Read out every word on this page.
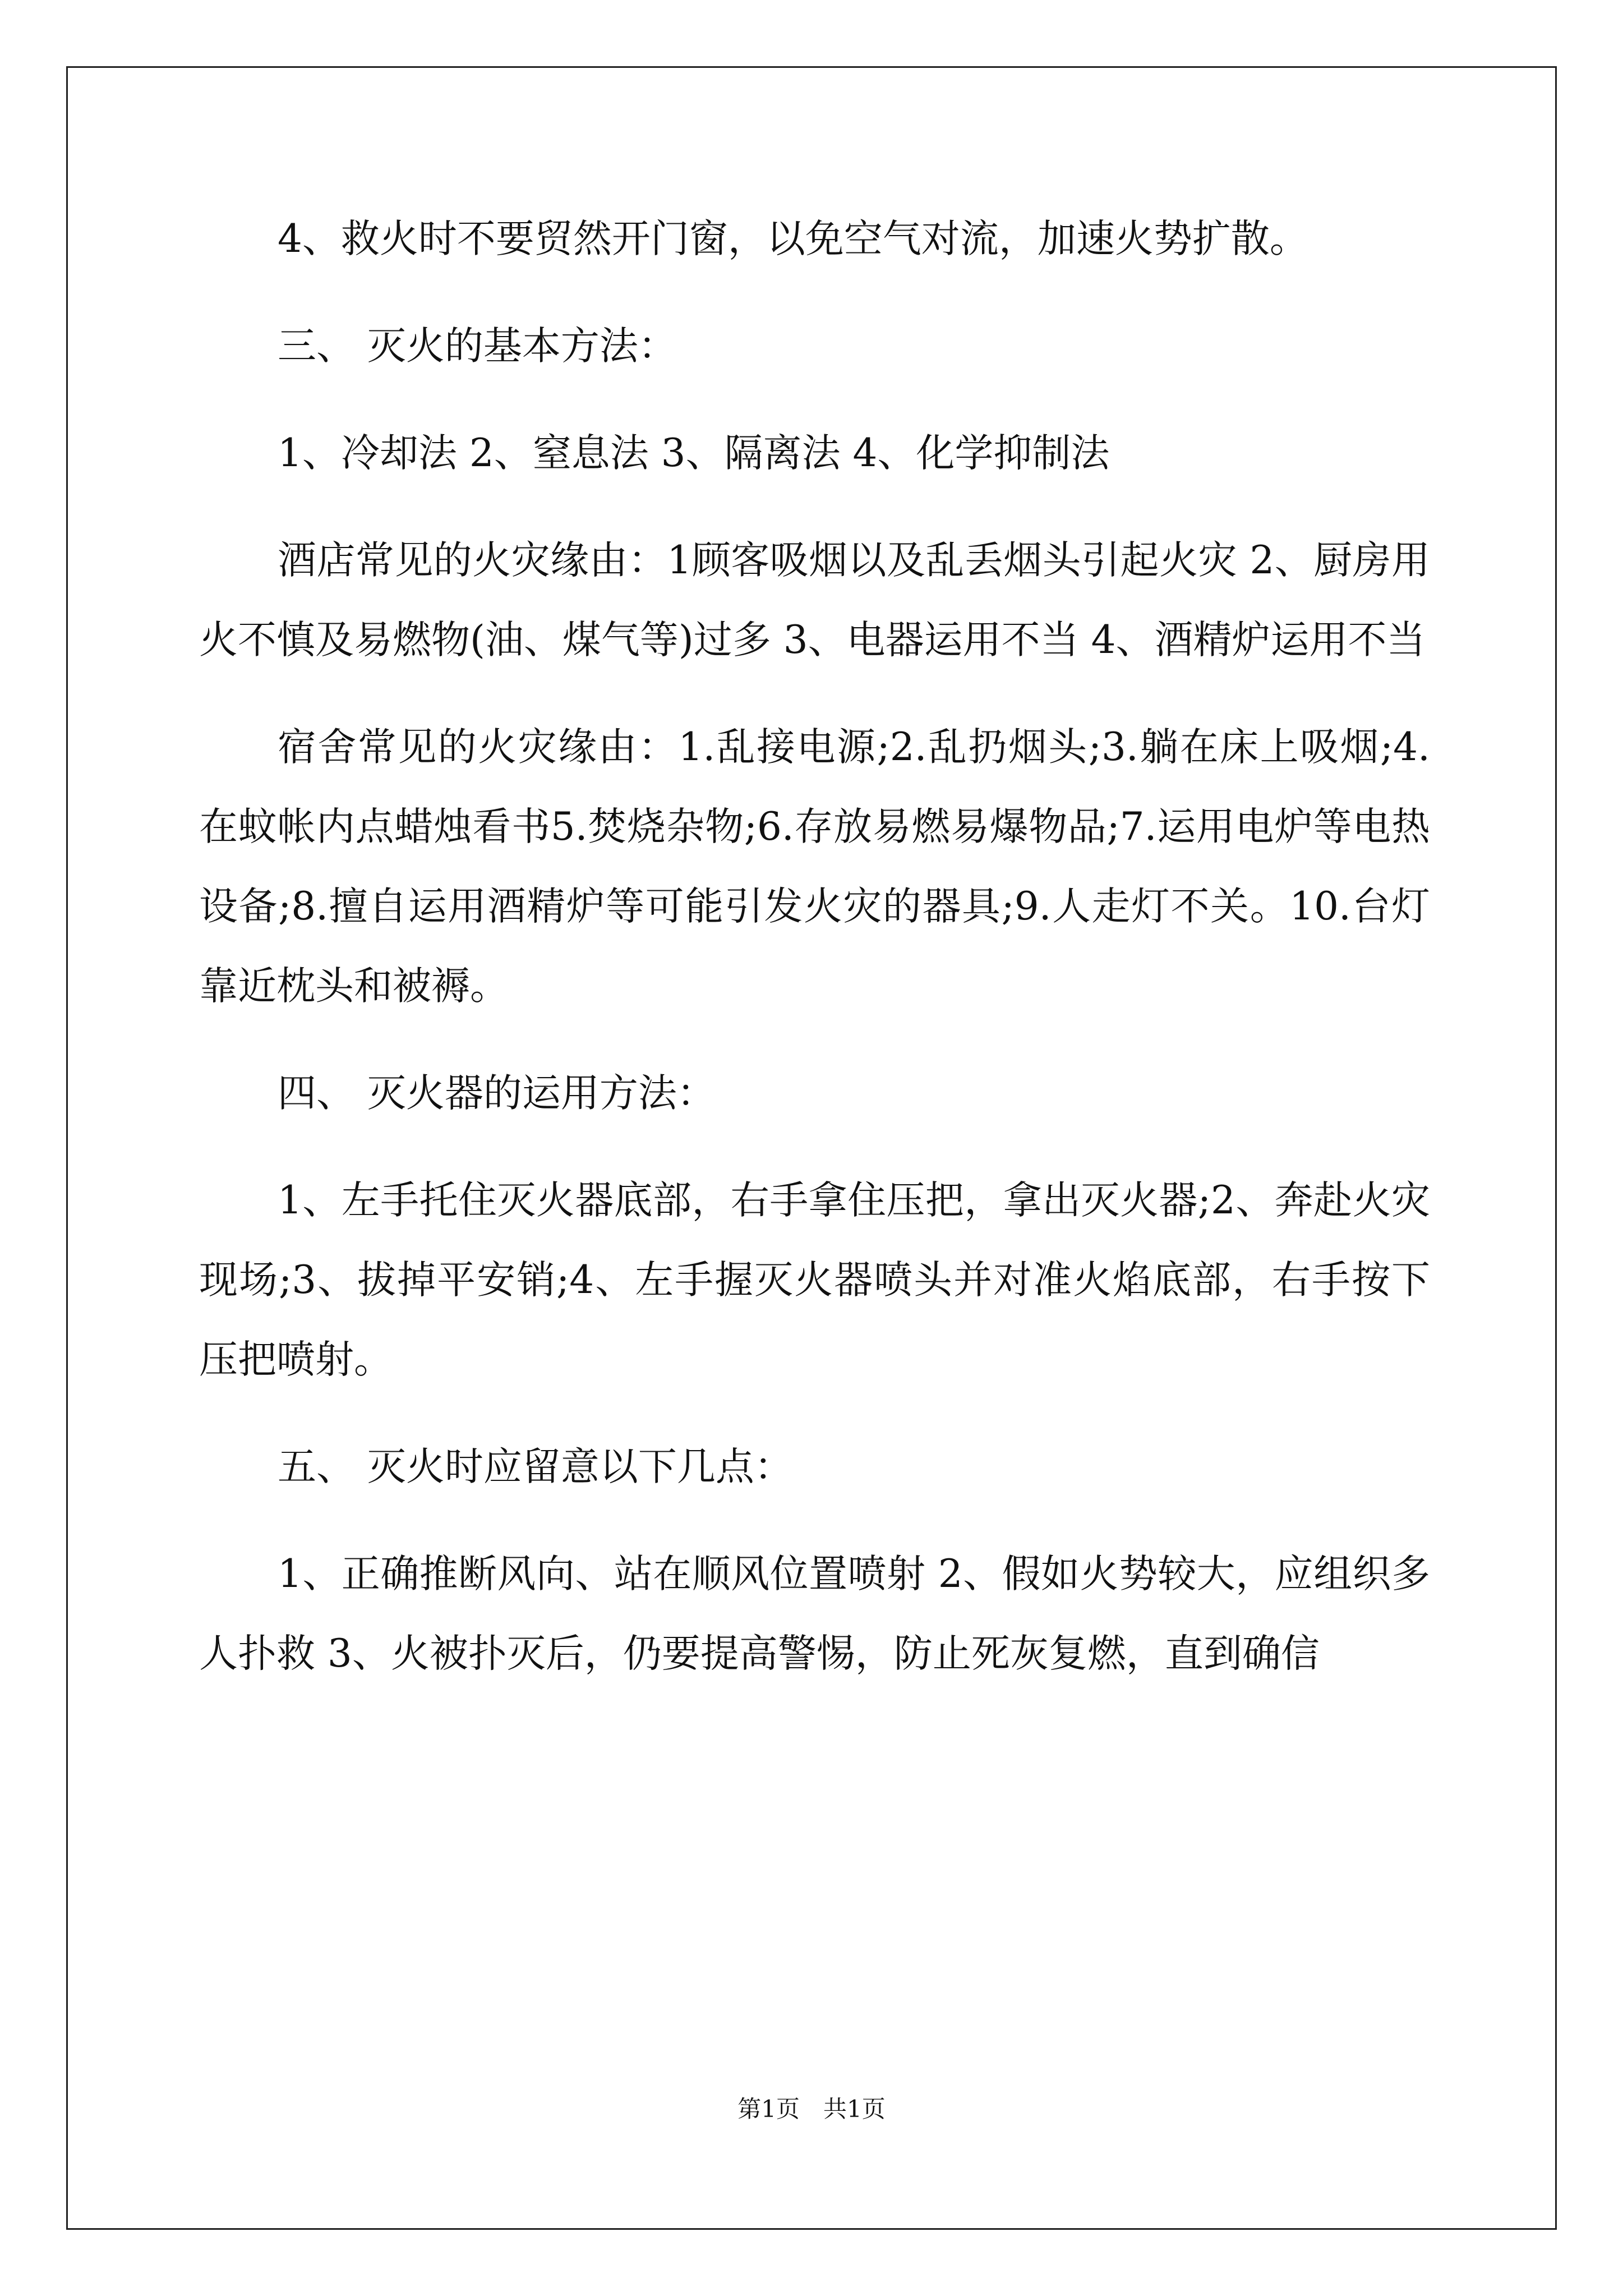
4、救火时不要贸然开门窗，以免空气对流，加速火势扩散。

三、 灭火的基本方法：

1、冷却法 2、窒息法 3、隔离法 4、化学抑制法

酒店常见的火灾缘由：1顾客吸烟以及乱丢烟头引起火灾 2、厨房用火不慎及易燃物(油、煤气等)过多 3、电器运用不当 4、酒精炉运用不当

宿舍常见的火灾缘由：1.乱接电源;2.乱扔烟头;3.躺在床上吸烟;4.在蚊帐内点蜡烛看书5.焚烧杂物;6.存放易燃易爆物品;7.运用电炉等电热设备;8.擅自运用酒精炉等可能引发火灾的器具;9.人走灯不关。10.台灯靠近枕头和被褥。

四、 灭火器的运用方法：

1、左手托住灭火器底部，右手拿住压把，拿出灭火器;2、奔赴火灾现场;3、拔掉平安销;4、左手握灭火器喷头并对准火焰底部，右手按下压把喷射。

五、 灭火时应留意以下几点：

1、正确推断风向、站在顺风位置喷射 2、假如火势较大，应组织多人扑救 3、火被扑灭后，仍要提高警惕，防止死灰复燃，直到确信

第1页 共1页
